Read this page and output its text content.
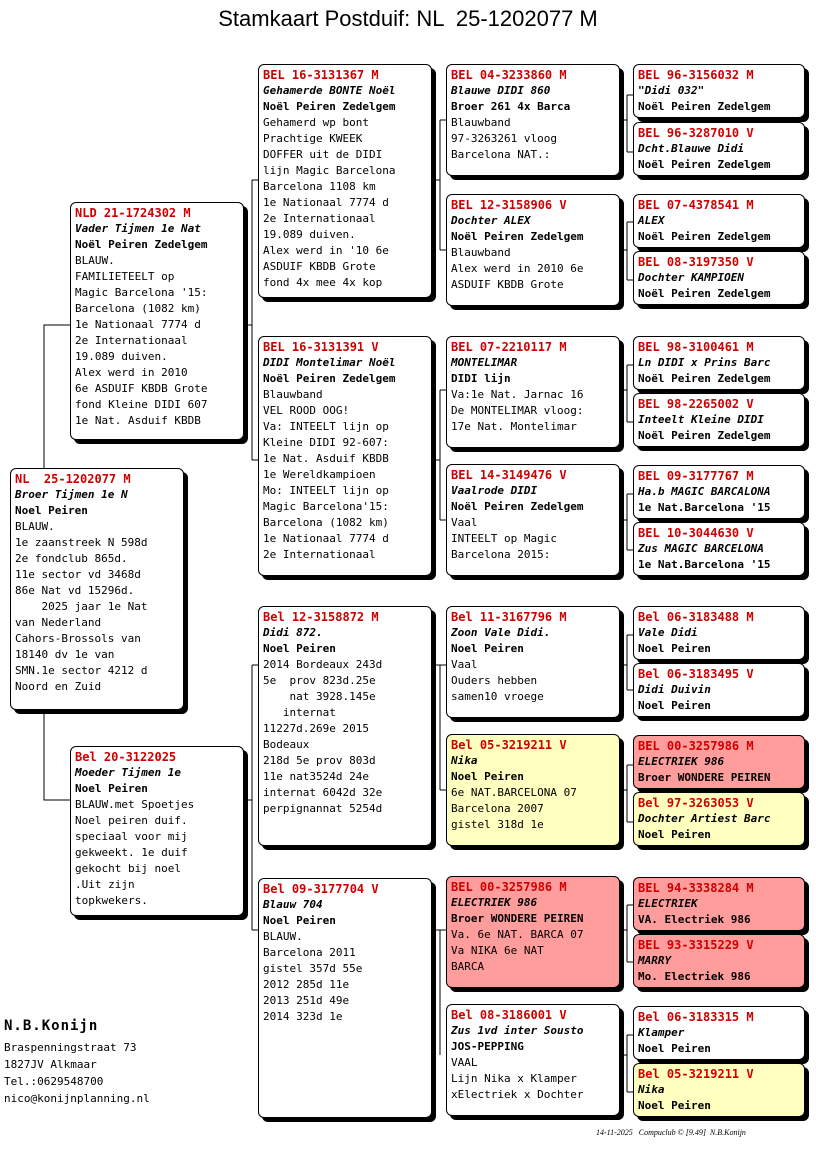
Stamkaart Postduif: NL  25-1202077 M
NL  25-1202077 M
Broer Tijmen 1e N
Noel Peiren
BLAUW.
1e zaanstreek N 598d
2e fondclub 865d.
11e sector vd 3468d
86e Nat vd 15296d.
2025 jaar 1e Nat
van Nederland
Cahors-Brossols van
18140 dv 1e van
SMN.1e sector 4212 d
Noord en Zuid
NLD 21-1724302 M
Vader Tijmen 1e Nat
Noël Peiren Zedelgem
BLAUW.
FAMILIETEELT op
Magic Barcelona '15:
Barcelona (1082 km)
1e Nationaal 7774 d
2e Internationaal
19.089 duiven.
Alex werd in 2010
6e ASDUIF KBDB Grote
fond Kleine DIDI 607
1e Nat. Asduif KBDB
Bel 20-3122025
Moeder Tijmen 1e
Noel Peiren
BLAUW.met Spoetjes
Noel peiren duif.
speciaal voor mij
gekweekt. 1e duif
gekocht bij noel
.Uit zijn
topkwekers.
BEL 16-3131367 M
Gehamerde BONTE Noël
Noël Peiren Zedelgem
Gehamerd wp bont
Prachtige KWEEK
DOFFER uit de DIDI
lijn Magic Barcelona
Barcelona 1108 km
1e Nationaal 7774 d
2e Internationaal
19.089 duiven.
Alex werd in '10 6e
ASDUIF KBDB Grote
fond 4x mee 4x kop
BEL 16-3131391 V
DIDI Montelimar Noël
Noël Peiren Zedelgem
Blauwband
VEL ROOD OOG!
Va: INTEELT lijn op
Kleine DIDI 92-607:
1e Nat. Asduif KBDB
1e Wereldkampioen
Mo: INTEELT lijn op
Magic Barcelona'15:
Barcelona (1082 km)
1e Nationaal 7774 d
2e Internationaal
Bel 12-3158872 M
Didi 872.
Noel Peiren
2014 Bordeaux 243d
5e  prov 823d.25e
nat 3928.145e
internat
11227d.269e 2015
Bodeaux
218d 5e prov 803d
11e nat3524d 24e
internat 6042d 32e
perpignannat 5254d
Bel 09-3177704 V
Blauw 704
Noel Peiren
BLAUW.
Barcelona 2011
gistel 357d 55e
2012 285d 11e
2013 251d 49e
2014 323d 1e
BEL 04-3233860 M
Blauwe DIDI 860
Broer 261 4x Barca
Blauwband
97-3263261 vloog
Barcelona NAT.:
BEL 12-3158906 V
Dochter ALEX
Noël Peiren Zedelgem
Blauwband
Alex werd in 2010 6e
ASDUIF KBDB Grote
BEL 07-2210117 M
MONTELIMAR
DIDI lijn
Va:1e Nat. Jarnac 16
De MONTELIMAR vloog:
17e Nat. Montelimar
BEL 14-3149476 V
Vaalrode DIDI
Noël Peiren Zedelgem
Vaal
INTEELT op Magic
Barcelona 2015:
Bel 11-3167796 M
Zoon Vale Didi.
Noel Peiren
Vaal
Ouders hebben
samen10 vroege
Bel 05-3219211 V
Nika
Noel Peiren
6e NAT.BARCELONA 07
Barcelona 2007
gistel 318d 1e
BEL 00-3257986 M
ELECTRIEK 986
Broer WONDERE PEIREN
Va. 6e NAT. BARCA 07
Va NIKA 6e NAT
BARCA
Bel 08-3186001 V
Zus 1vd inter Sousto
JOS-PEPPING
VAAL
Lijn Nika x Klamper
xElectriek x Dochter
BEL 96-3156032 M
"Didi 032"
Noël Peiren Zedelgem
BEL 96-3287010 V
Dcht.Blauwe Didi
Noël Peiren Zedelgem
BEL 07-4378541 M
ALEX
Noël Peiren Zedelgem
BEL 08-3197350 V
Dochter KAMPIOEN
Noël Peiren Zedelgem
BEL 98-3100461 M
Ln DIDI x Prins Barc
Noël Peiren Zedelgem
BEL 98-2265002 V
Inteelt Kleine DIDI
Noël Peiren Zedelgem
BEL 09-3177767 M
Ha.b MAGIC BARCALONA
1e Nat.Barcelona '15
BEL 10-3044630 V
Zus MAGIC BARCELONA
1e Nat.Barcelona '15
Bel 06-3183488 M
Vale Didi
Noel Peiren
Bel 06-3183495 V
Didi Duivin
Noel Peiren
BEL 00-3257986 M
ELECTRIEK 986
Broer WONDERE PEIREN
Bel 97-3263053 V
Dochter Artiest Barc
Noel Peiren
BEL 94-3338284 M
ELECTRIEK
VA. Electriek 986
BEL 93-3315229 V
MARRY
Mo. Electriek 986
Bel 06-3183315 M
Klamper
Noel Peiren
Bel 05-3219211 V
Nika
Noel Peiren
N.B.Konijn
Braspenningstraat 73
1827JV Alkmaar
Tel.:0629548700
nico@konijnplanning.nl
14-11-2025   Compuclub © [9.49]  N.B.Konijn
